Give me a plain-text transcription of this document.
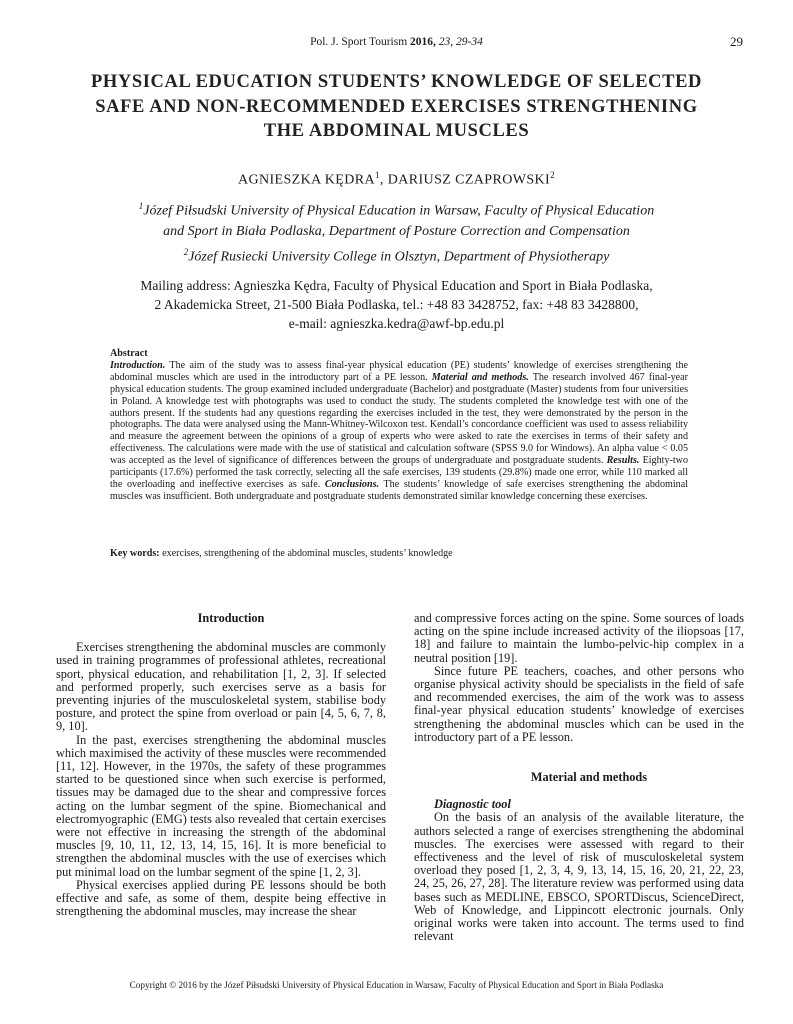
Pol. J. Sport Tourism 2016, 23, 29-34	29
PHYSICAL EDUCATION STUDENTS’ KNOWLEDGE OF SELECTED
SAFE AND NON-RECOMMENDED EXERCISES STRENGTHENING
THE ABDOMINAL MUSCLES
AGNIESZKA KĘDRA$^1$, DARIUSZ CZAPROWSKI$^2$
$^1$Józef Piłsudski University of Physical Education in Warsaw, Faculty of Physical Education
and Sport in Biała Podlaska, Department of Posture Correction and Compensation
$^2$Józef Rusiecki University College in Olsztyn, Department of Physiotherapy
Mailing address: Agnieszka Kędra, Faculty of Physical Education and Sport in Biała Podlaska,
2 Akademicka Street, 21-500 Biała Podlaska, tel.: +48 83 3428752, fax: +48 83 3428800,
e-mail: agnieszka.kedra@awf-bp.edu.pl
Abstract
Introduction. The aim of the study was to assess final-year physical education (PE) students’ knowledge of exercises strengthening the abdominal muscles which are used in the introductory part of a PE lesson. Material and methods. The research involved 467 final-year physical education students. The group examined included undergraduate (Bachelor) and postgraduate (Master) students from four universities in Poland. A knowledge test with photographs was used to conduct the study. The students completed the knowledge test with one of the authors present. If the students had any questions regarding the exercises included in the test, they were demonstrated by the person in the photographs. The data were analysed using the Mann-Whitney-Wilcoxon test. Kendall’s concordance coefficient was used to assess reliability and measure the agreement between the opinions of a group of experts who were asked to rate the exercises in terms of their safety and effectiveness. The calculations were made with the use of statistical and calculation software (SPSS 9.0 for Windows). An alpha value < 0.05 was accepted as the level of significance of differences between the groups of undergraduate and postgraduate students. Results. Eighty-two participants (17.6%) performed the task correctly, selecting all the safe exercises, 139 students (29.8%) made one error, while 110 marked all the overloading and ineffective exercises as safe. Conclusions. The students’ knowledge of safe exercises strengthening the abdominal muscles was insufficient. Both undergraduate and postgraduate students demonstrated similar knowledge concerning these exercises.
Key words: exercises, strengthening of the abdominal muscles, students’ knowledge

Introduction

Exercises strengthening the abdominal muscles are commonly used in training programmes of professional athletes, recreational sport, physical education, and rehabilitation [1, 2, 3]. If selected and performed properly, such exercises serve as a basis for preventing injuries of the musculoskeletal system, stabilise body posture, and protect the spine from overload or pain [4, 5, 6, 7, 8, 9, 10].

In the past, exercises strengthening the abdominal muscles which maximised the activity of these muscles were recommended [11, 12]. However, in the 1970s, the safety of these programmes started to be questioned since when such exercise is performed, tissues may be damaged due to the shear and compressive forces acting on the lumbar segment of the spine. Biomechanical and electromyographic (EMG) tests also revealed that certain exercises were not effective in increasing the strength of the abdominal muscles [9, 10, 11, 12, 13, 14, 15, 16]. It is more beneficial to strengthen the abdominal muscles with the use of exercises which put minimal load on the lumbar segment of the spine [1, 2, 3].

Physical exercises applied during PE lessons should be both effective and safe, as some of them, despite being effective in strengthening the abdominal muscles, may increase the shear

and compressive forces acting on the spine. Some sources of loads acting on the spine include increased activity of the iliopsoas [17, 18] and failure to maintain the lumbo-pelvic-hip complex in a neutral position [19].

Since future PE teachers, coaches, and other persons who organise physical activity should be specialists in the field of safe and recommended exercises, the aim of the work was to assess final-year physical education students’ knowledge of exercises strengthening the abdominal muscles which can be used in the introductory part of a PE lesson.

Material and methods

Diagnostic tool

On the basis of an analysis of the available literature, the authors selected a range of exercises strengthening the abdominal muscles. The exercises were assessed with regard to their effectiveness and the level of risk of musculoskeletal system overload they posed [1, 2, 3, 4, 9, 13, 14, 15, 16, 20, 21, 22, 23, 24, 25, 26, 27, 28]. The literature review was performed using data bases such as MEDLINE, EBSCO, SPORTDiscus, ScienceDirect, Web of Knowledge, and Lippincott electronic journals. Only original works were taken into account. The terms used to find relevant

Copyright © 2016 by the Józef Piłsudski University of Physical Education in Warsaw, Faculty of Physical Education and Sport in Biała Podlaska
